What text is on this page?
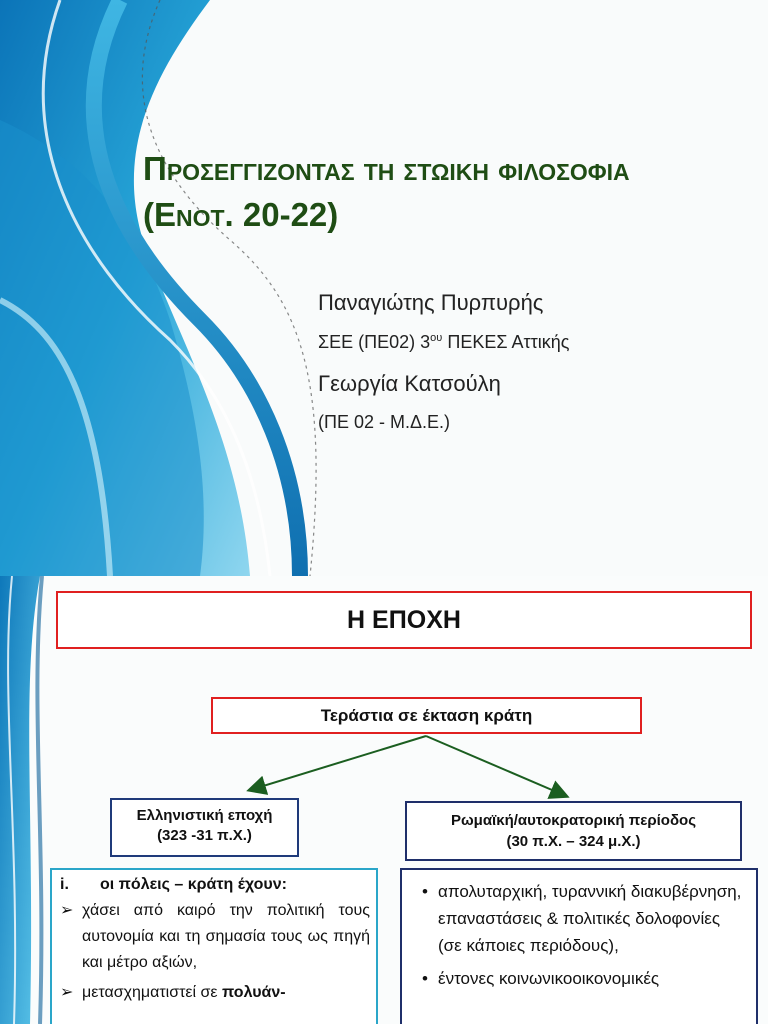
Προσεγγιζοντας τη στωικη φιλοσοφια
(Ενοτ. 20-22)
Παναγιώτης Πυρπυρής
ΣΕΕ (ΠΕ02) $3^{o\upsilon}$ ΠΕΚΕΣ Αττικής
Γεωργία Κατσούλη
(ΠΕ 02 - Μ.Δ.Ε.)
Η ΕΠΟΧΗ
Τεράστια σε έκταση κράτη
Ελληνιστική εποχή
(323 -31 π.Χ.)
Ρωμαϊκή/αυτοκρατορική περίοδος
(30 π.Χ. – 324 μ.Χ.)
i.	οι πόλεις – κράτη έχουν:
➢ χάσει από καιρό την πολιτική τους αυτονομία και τη σημασία τους ως πηγή και μέτρο αξιών,
➢ μετασχηματιστεί σε πολυάν-
• απολυταρχική, τυραννική διακυβέρνηση, επαναστάσεις & πολιτικές δολοφονίες (σε κάποιες περιόδους),
• έντονες κοινωνικοοικονομικές
